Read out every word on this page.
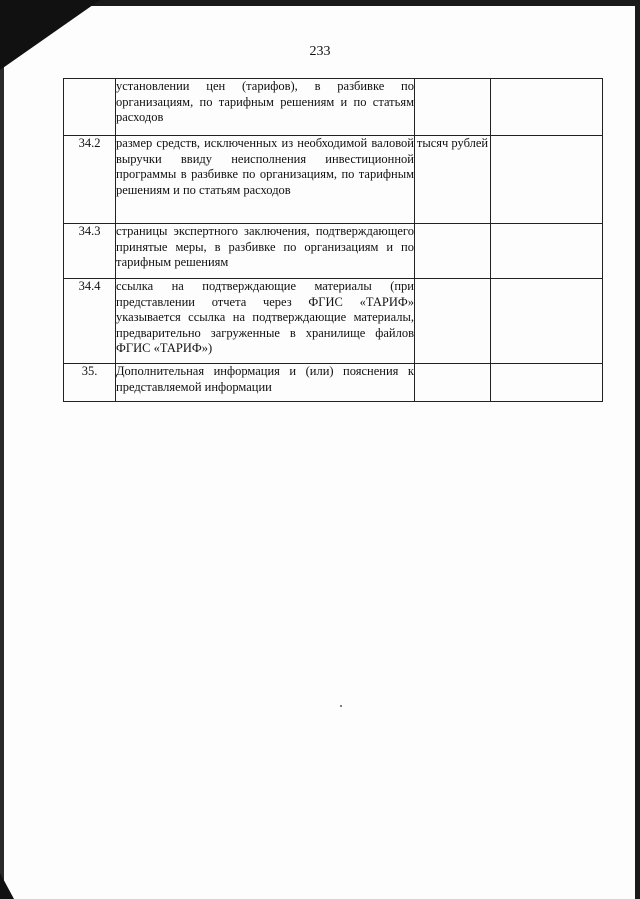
233

	установлении цен (тарифов), в разбивке по организациям, по тарифным решениям и по статьям расходов		

34.2	размер средств, исключенных из необходимой валовой выручки ввиду неисполнения инвестиционной программы в разбивке по организациям, по тарифным решениям и по статьям расходов	тысяч рублей	
34.3	страницы экспертного заключения, подтверждающего принятые меры, в разбивке по организациям и по тарифным решениям		

34.4	ссылка на подтверждающие материалы (при представлении отчета через ФГИС «ТАРИФ» указывается ссылка на подтверждающие материалы, предварительно загруженные в хранилище файлов ФГИС «ТАРИФ»)		

35.	Дополнительная информация и (или) пояснения к представляемой информации		
